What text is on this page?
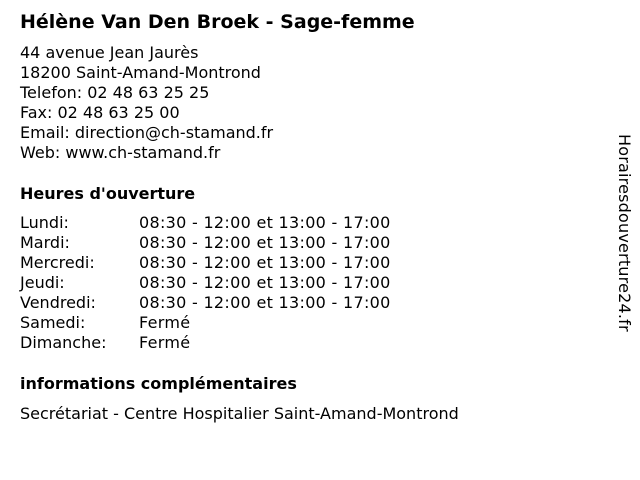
Hélène Van Den Broek - Sage-femme
44 avenue Jean Jaurès
18200 Saint-Amand-Montrond
Telefon: 02 48 63 25 25
Fax: 02 48 63 25 00
Email: direction@ch-stamand.fr
Web: www.ch-stamand.fr
Heures d'ouverture
Lundi:	08:30 - 12:00 et 13:00 - 17:00
Mardi:	08:30 - 12:00 et 13:00 - 17:00
Mercredi:	08:30 - 12:00 et 13:00 - 17:00
Jeudi:	08:30 - 12:00 et 13:00 - 17:00
Vendredi:	08:30 - 12:00 et 13:00 - 17:00
Samedi:	Fermé
Dimanche: Fermé
informations complémentaires
Secrétariat - Centre Hospitalier Saint-Amand-Montrond
Horairesdouverture24.fr
